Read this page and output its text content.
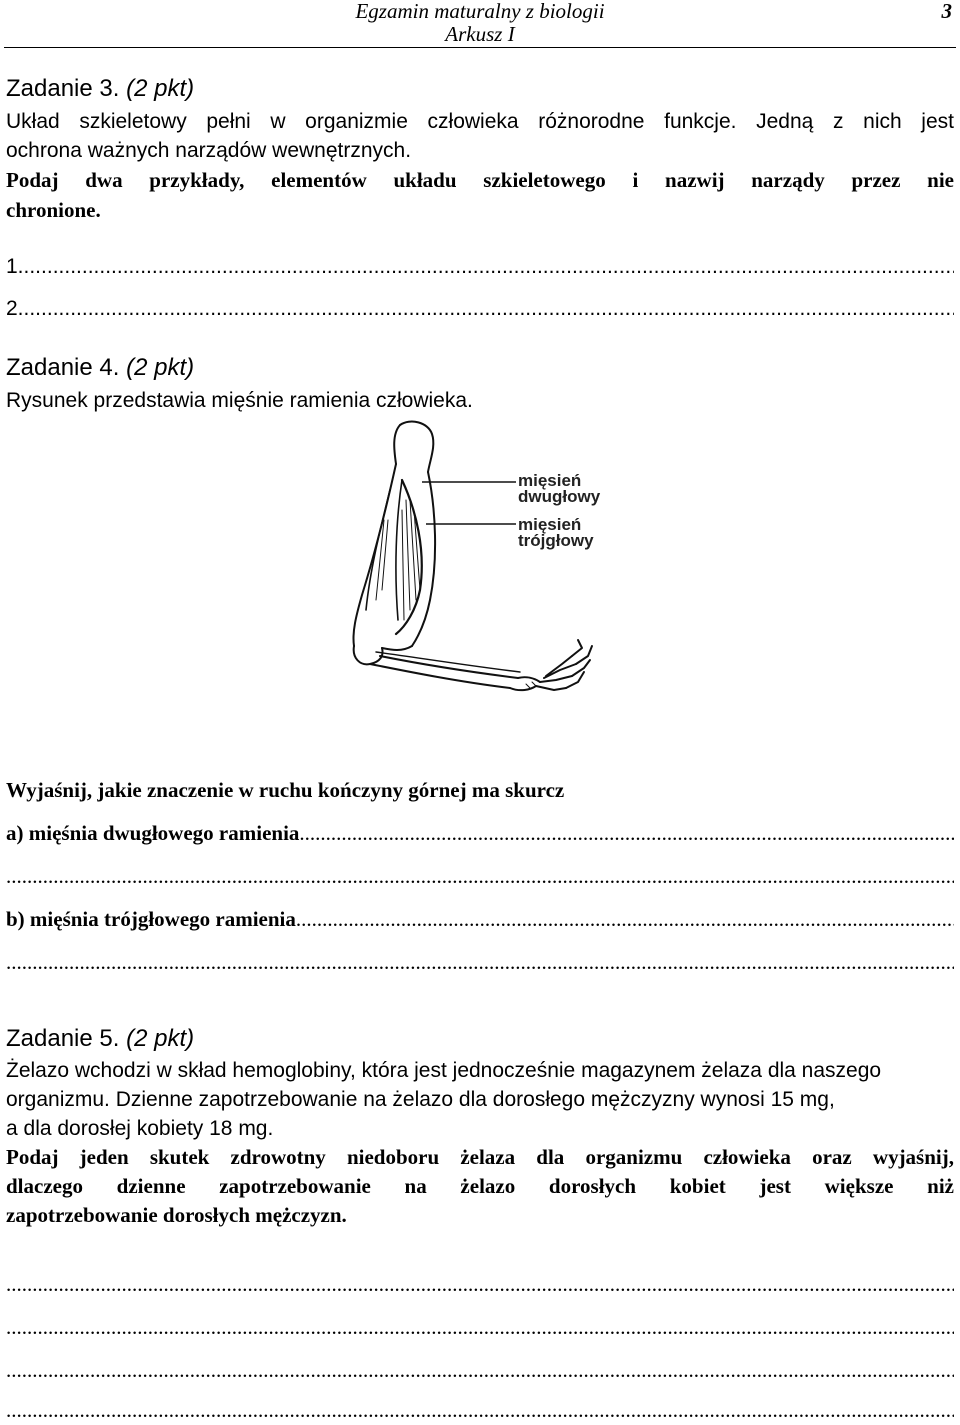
Egzamin maturalny z biologii
Arkusz I
3
Zadanie 3. (2 pkt)
Układ szkieletowy pełni w organizmie człowieka różnorodne funkcje. Jedną z nich jest
ochrona ważnych narządów wewnętrznych.
Podaj dwa przykłady, elementów układu szkieletowego i nazwij narządy przez nie
chronione.
1.
.....
2.
.....
Zadanie 4. (2 pkt)
Rysunek przedstawia mięśnie ramienia człowieka.
mięsień
dwugłowy
mięsień
trójgłowy
Wyjaśnij, jakie znaczenie w ruchu kończyny górnej ma skurcz
a) mięśnia dwugłowego ramienia
.....
.....
b) mięśnia trójgłowego ramienia
.....
.....
Zadanie 5. (2 pkt)
Żelazo wchodzi w skład hemoglobiny, która jest jednocześnie magazynem żelaza dla naszego
organizmu. Dzienne zapotrzebowanie na żelazo dla dorosłego mężczyzny wynosi 15 mg,
a dla dorosłej kobiety 18 mg.
Podaj jeden skutek zdrowotny niedoboru żelaza dla organizmu człowieka oraz wyjaśnij,
dlaczego dzienne zapotrzebowanie na żelazo dorosłych kobiet jest większe niż
zapotrzebowanie dorosłych mężczyzn.
.....
.....
.....
.....
